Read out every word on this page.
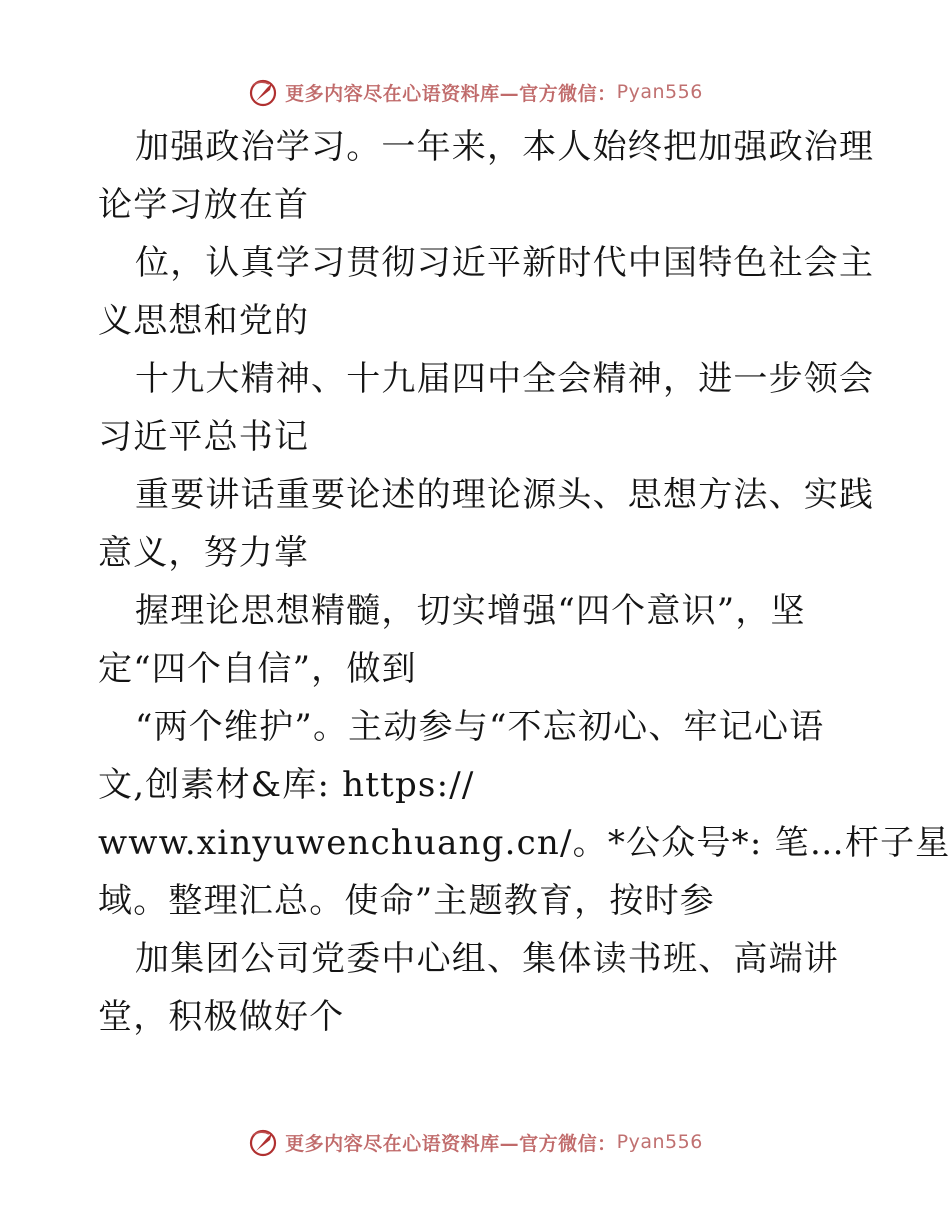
更多内容尽在心语资料库—官方微信： Pyan556
加强政治学习。一年来，本人始终把加强政治理
论学习放在首
位，认真学习贯彻习近平新时代中国特色社会主
义思想和党的
十九大精神、十九届四中全会精神，进一步领会
习近平总书记
重要讲话重要论述的理论源头、思想方法、实践
意义，努力掌
握理论思想精髓，切实增强“四个意识”，坚
定“四个自信”，做到
“两个维护”。主动参与“不忘初心、牢记心语
文,创素材&库: https://
www.xinyuwenchuang.cn/。*公众号*: 笔…杆子星
域。整理汇总。使命”主题教育，按时参
加集团公司党委中心组、集体读书班、高端讲
堂，积极做好个
更多内容尽在心语资料库—官方微信： Pyan556
